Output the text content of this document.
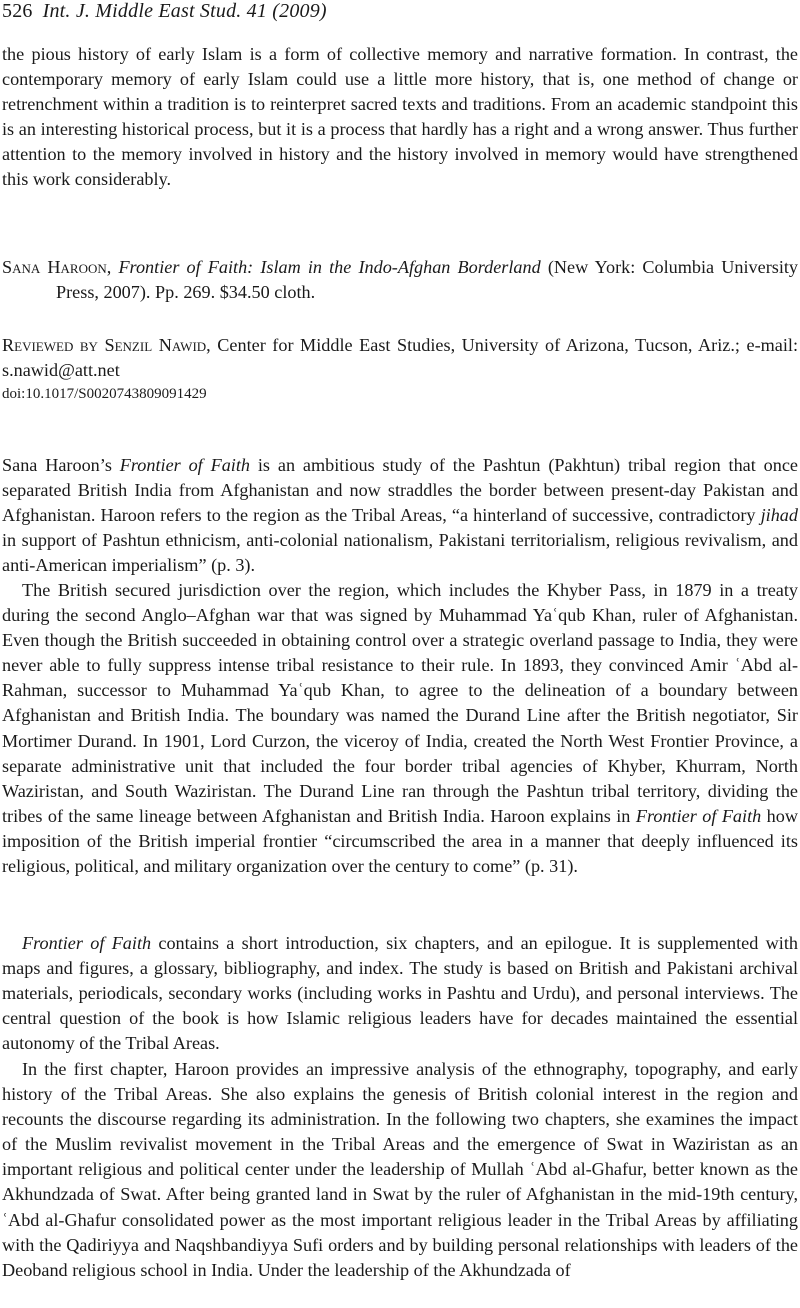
526 Int. J. Middle East Stud. 41 (2009)

the pious history of early Islam is a form of collective memory and narrative formation. In contrast, the contemporary memory of early Islam could use a little more history, that is, one method of change or retrenchment within a tradition is to reinterpret sacred texts and traditions. From an academic standpoint this is an interesting historical process, but it is a process that hardly has a right and a wrong answer. Thus further attention to the memory involved in history and the history involved in memory would have strengthened this work considerably.

Sana Haroon, Frontier of Faith: Islam in the Indo-Afghan Borderland (New York: Columbia University Press, 2007). Pp. 269. $34.50 cloth.

Reviewed by Senzil Nawid, Center for Middle East Studies, University of Arizona, Tucson, Ariz.; e-mail: s.nawid@att.net

doi:10.1017/S0020743809091429

Sana Haroon’s Frontier of Faith is an ambitious study of the Pashtun (Pakhtun) tribal region that once separated British India from Afghanistan and now straddles the border between present-day Pakistan and Afghanistan. Haroon refers to the region as the Tribal Areas, “a hinterland of successive, contradictory jihad in support of Pashtun ethnicism, anti-colonial nationalism, Pakistani territorialism, religious revivalism, and anti-American imperialism” (p. 3).

The British secured jurisdiction over the region, which includes the Khyber Pass, in 1879 in a treaty during the second Anglo–Afghan war that was signed by Muhammad Yaʿqub Khan, ruler of Afghanistan. Even though the British succeeded in obtaining control over a strategic overland passage to India, they were never able to fully suppress intense tribal resistance to their rule. In 1893, they convinced Amir ʿAbd al-Rahman, successor to Muhammad Yaʿqub Khan, to agree to the delineation of a boundary between Afghanistan and British India. The boundary was named the Durand Line after the British negotiator, Sir Mortimer Durand. In 1901, Lord Curzon, the viceroy of India, created the North West Frontier Province, a separate administrative unit that included the four border tribal agencies of Khyber, Khurram, North Waziristan, and South Waziristan. The Durand Line ran through the Pashtun tribal territory, dividing the tribes of the same lineage between Afghanistan and British India. Haroon explains in Frontier of Faith how imposition of the British imperial frontier “circumscribed the area in a manner that deeply influenced its religious, political, and military organization over the century to come” (p. 31).

Frontier of Faith contains a short introduction, six chapters, and an epilogue. It is supplemented with maps and figures, a glossary, bibliography, and index. The study is based on British and Pakistani archival materials, periodicals, secondary works (including works in Pashtu and Urdu), and personal interviews. The central question of the book is how Islamic religious leaders have for decades maintained the essential autonomy of the Tribal Areas.

In the first chapter, Haroon provides an impressive analysis of the ethnography, topography, and early history of the Tribal Areas. She also explains the genesis of British colonial interest in the region and recounts the discourse regarding its administration. In the following two chapters, she examines the impact of the Muslim revivalist movement in the Tribal Areas and the emergence of Swat in Waziristan as an important religious and political center under the leadership of Mullah ʿAbd al-Ghafur, better known as the Akhundzada of Swat. After being granted land in Swat by the ruler of Afghanistan in the mid-19th century, ʿAbd al-Ghafur consolidated power as the most important religious leader in the Tribal Areas by affiliating with the Qadiriyya and Naqshbandiyya Sufi orders and by building personal relationships with leaders of the Deoband religious school in India. Under the leadership of the Akhundzada of
